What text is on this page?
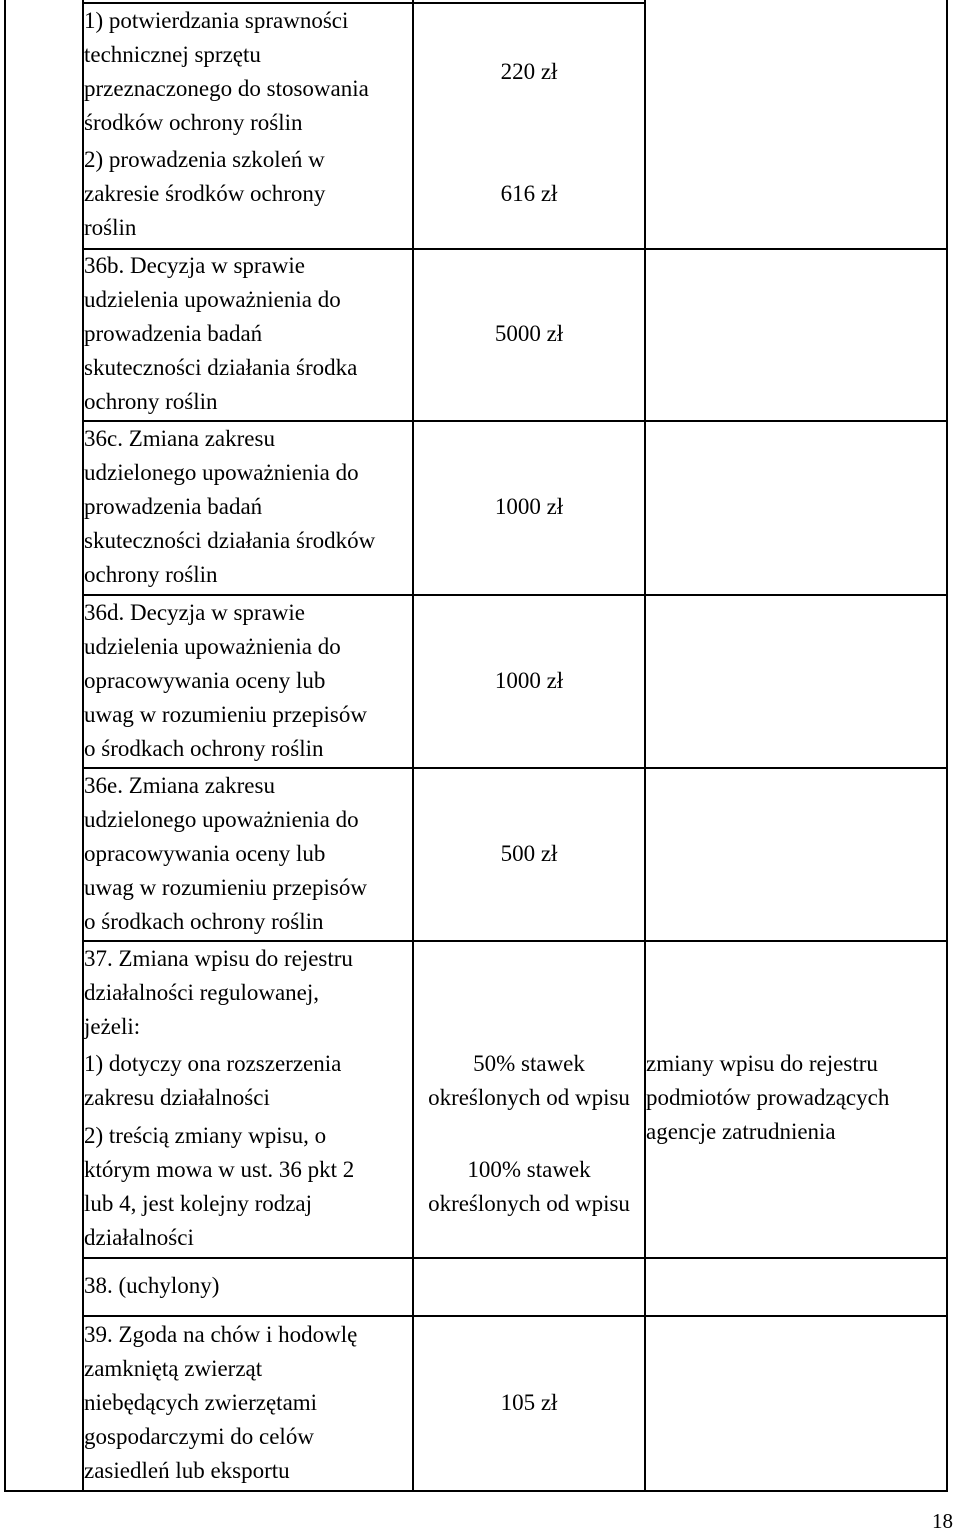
1) potwierdzania sprawności
technicznej sprzętu
przeznaczonego do stosowania
środków ochrony roślin
2) prowadzenia szkoleń w
zakresie środków ochrony
roślin
220 zł
616 zł
36b. Decyzja w sprawie
udzielenia upoważnienia do
prowadzenia badań
skuteczności działania środka
ochrony roślin
5000 zł
36c. Zmiana zakresu
udzielonego upoważnienia do
prowadzenia badań
skuteczności działania środków
ochrony roślin
1000 zł
36d. Decyzja w sprawie
udzielenia upoważnienia do
opracowywania oceny lub
uwag w rozumieniu przepisów
o środkach ochrony roślin
1000 zł
36e. Zmiana zakresu
udzielonego upoważnienia do
opracowywania oceny lub
uwag w rozumieniu przepisów
o środkach ochrony roślin
500 zł
37. Zmiana wpisu do rejestru
działalności regulowanej,
jeżeli:
1) dotyczy ona rozszerzenia
zakresu działalności
2) treścią zmiany wpisu, o
którym mowa w ust. 36 pkt 2
lub 4, jest kolejny rodzaj
działalności
50% stawek
określonych od wpisu
100% stawek
określonych od wpisu
zmiany wpisu do rejestru
podmiotów prowadzących
agencje zatrudnienia
38. (uchylony)
39. Zgoda na chów i hodowlę
zamkniętą zwierząt
niebędących zwierzętami
gospodarczymi do celów
zasiedleń lub eksportu
105 zł
18
